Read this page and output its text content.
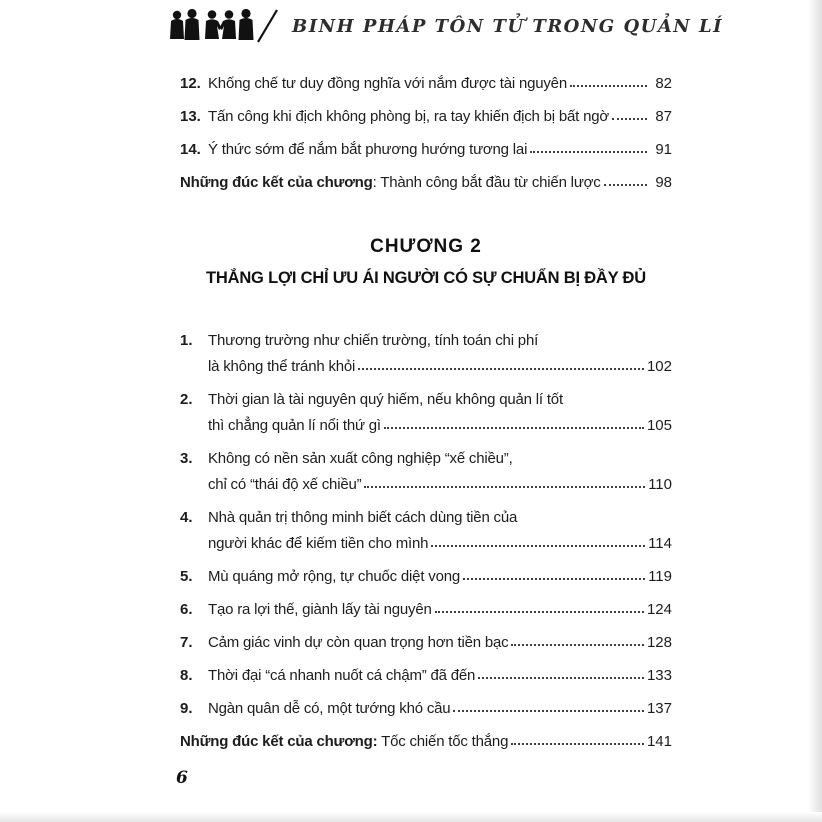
BINH PHÁP TÔN TỬ TRONG QUẢN LÍ
12. Khống chế tư duy đồng nghĩa với nắm được tài nguyên	82
13. Tấn công khi địch không phòng bị, ra tay khiến địch bị bất ngờ	87
14. Ý thức sớm để nắm bắt phương hướng tương lai	91
Những đúc kết của chương: Thành công bắt đầu từ chiến lược	98
CHƯƠNG 2
THẮNG LỢI CHỈ ƯU ÁI NGƯỜI CÓ SỰ CHUẨN BỊ ĐẦY ĐỦ
1.	Thương trường như chiến trường, tính toán chi phí
là không thể tránh khỏi	102
2.	Thời gian là tài nguyên quý hiếm, nếu không quản lí tốt
thì chẳng quản lí nổi thứ gì	105
3.	Không có nền sản xuất công nghiệp “xế chiều”,
chỉ có “thái độ xế chiều”	110
4.	Nhà quản trị thông minh biết cách dùng tiền của
người khác để kiếm tiền cho mình	114
5.	Mù quáng mở rộng, tự chuốc diệt vong	119
6.	Tạo ra lợi thế, giành lấy tài nguyên	124
7.	Cảm giác vinh dự còn quan trọng hơn tiền bạc	128
8.	Thời đại “cá nhanh nuốt cá chậm” đã đến	133
9.	Ngàn quân dễ có, một tướng khó cầu	137
Những đúc kết của chương: Tốc chiến tốc thắng	141
6
